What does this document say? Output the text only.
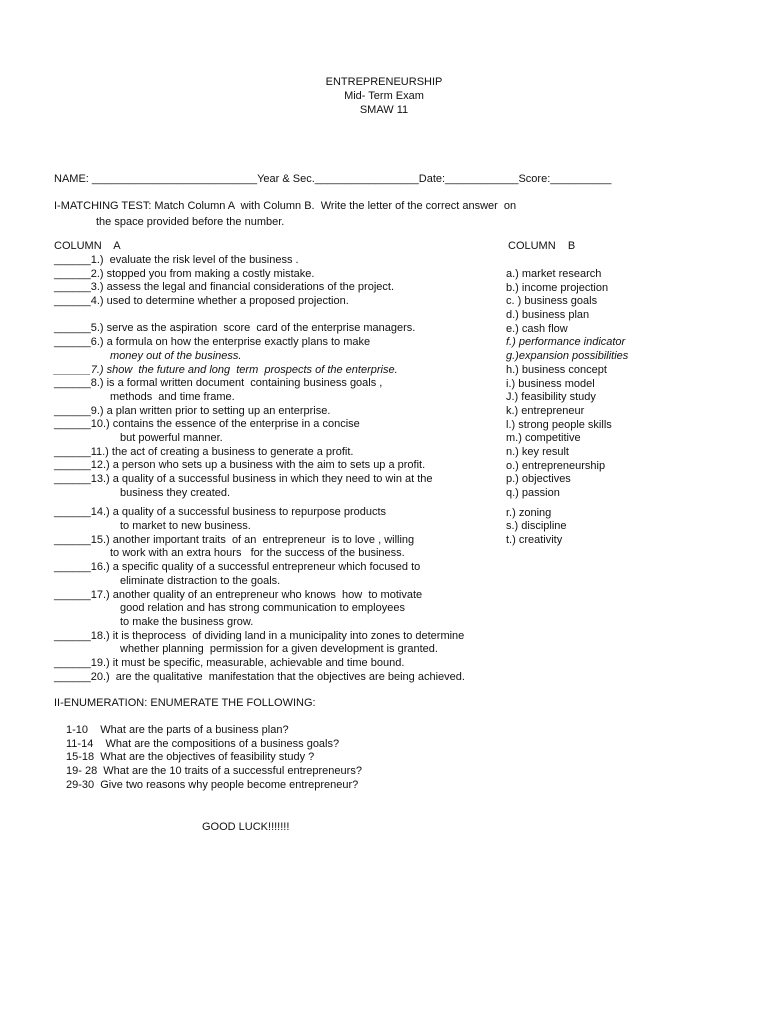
ENTREPRENEURSHIP
Mid- Term Exam
SMAW 11
NAME: ___________________________Year & Sec._________________Date:____________Score:__________
I-MATCHING TEST: Match Column A  with Column B.  Write the letter of the correct answer  on
the space provided before the number.
COLUMN    A	COLUMN    B
______1.)  evaluate the risk level of the business .
______2.) stopped you from making a costly mistake.
______3.) assess the legal and financial considerations of the project.
______4.) used to determine whether a proposed projection.
______5.) serve as the aspiration  score  card of the enterprise managers.
______6.) a formula on how the enterprise exactly plans to make
money out of the business.
______7.) show  the future and long  term  prospects of the enterprise.
______8.) is a formal written document  containing business goals ,
methods  and time frame.
______9.) a plan written prior to setting up an enterprise.
______10.) contains the essence of the enterprise in a concise
but powerful manner.
______11.) the act of creating a business to generate a profit.
______12.) a person who sets up a business with the aim to sets up a profit.
______13.) a quality of a successful business in which they need to win at the
business they created.
______14.) a quality of a successful business to repurpose products
to market to new business.
______15.) another important traits  of an  entrepreneur  is to love , willing
to work with an extra hours   for the success of the business.
______16.) a specific quality of a successful entrepreneur which focused to
eliminate distraction to the goals.
______17.) another quality of an entrepreneur who knows  how  to motivate
good relation and has strong communication to employees
to make the business grow.
______18.) it is theprocess  of dividing land in a municipality into zones to determine
whether planning  permission for a given development is granted.
______19.) it must be specific, measurable, achievable and time bound.
______20.)  are the qualitative  manifestation that the objectives are being achieved.
a.) market research
b.) income projection
c. ) business goals
d.) business plan
e.) cash flow
f.) performance indicator
g.)expansion possibilities
h.) business concept
i.) business model
J.) feasibility study
k.) entrepreneur
l.) strong people skills
m.) competitive
n.) key result
o.) entrepreneurship
p.) objectives
q.) passion
r.) zoning
s.) discipline
t.) creativity
II-ENUMERATION: ENUMERATE THE FOLLOWING:
1-10    What are the parts of a business plan?
11-14    What are the compositions of a business goals?
15-18  What are the objectives of feasibility study ?
19- 28  What are the 10 traits of a successful entrepreneurs?
29-30  Give two reasons why people become entrepreneur?
GOOD LUCK!!!!!!!
